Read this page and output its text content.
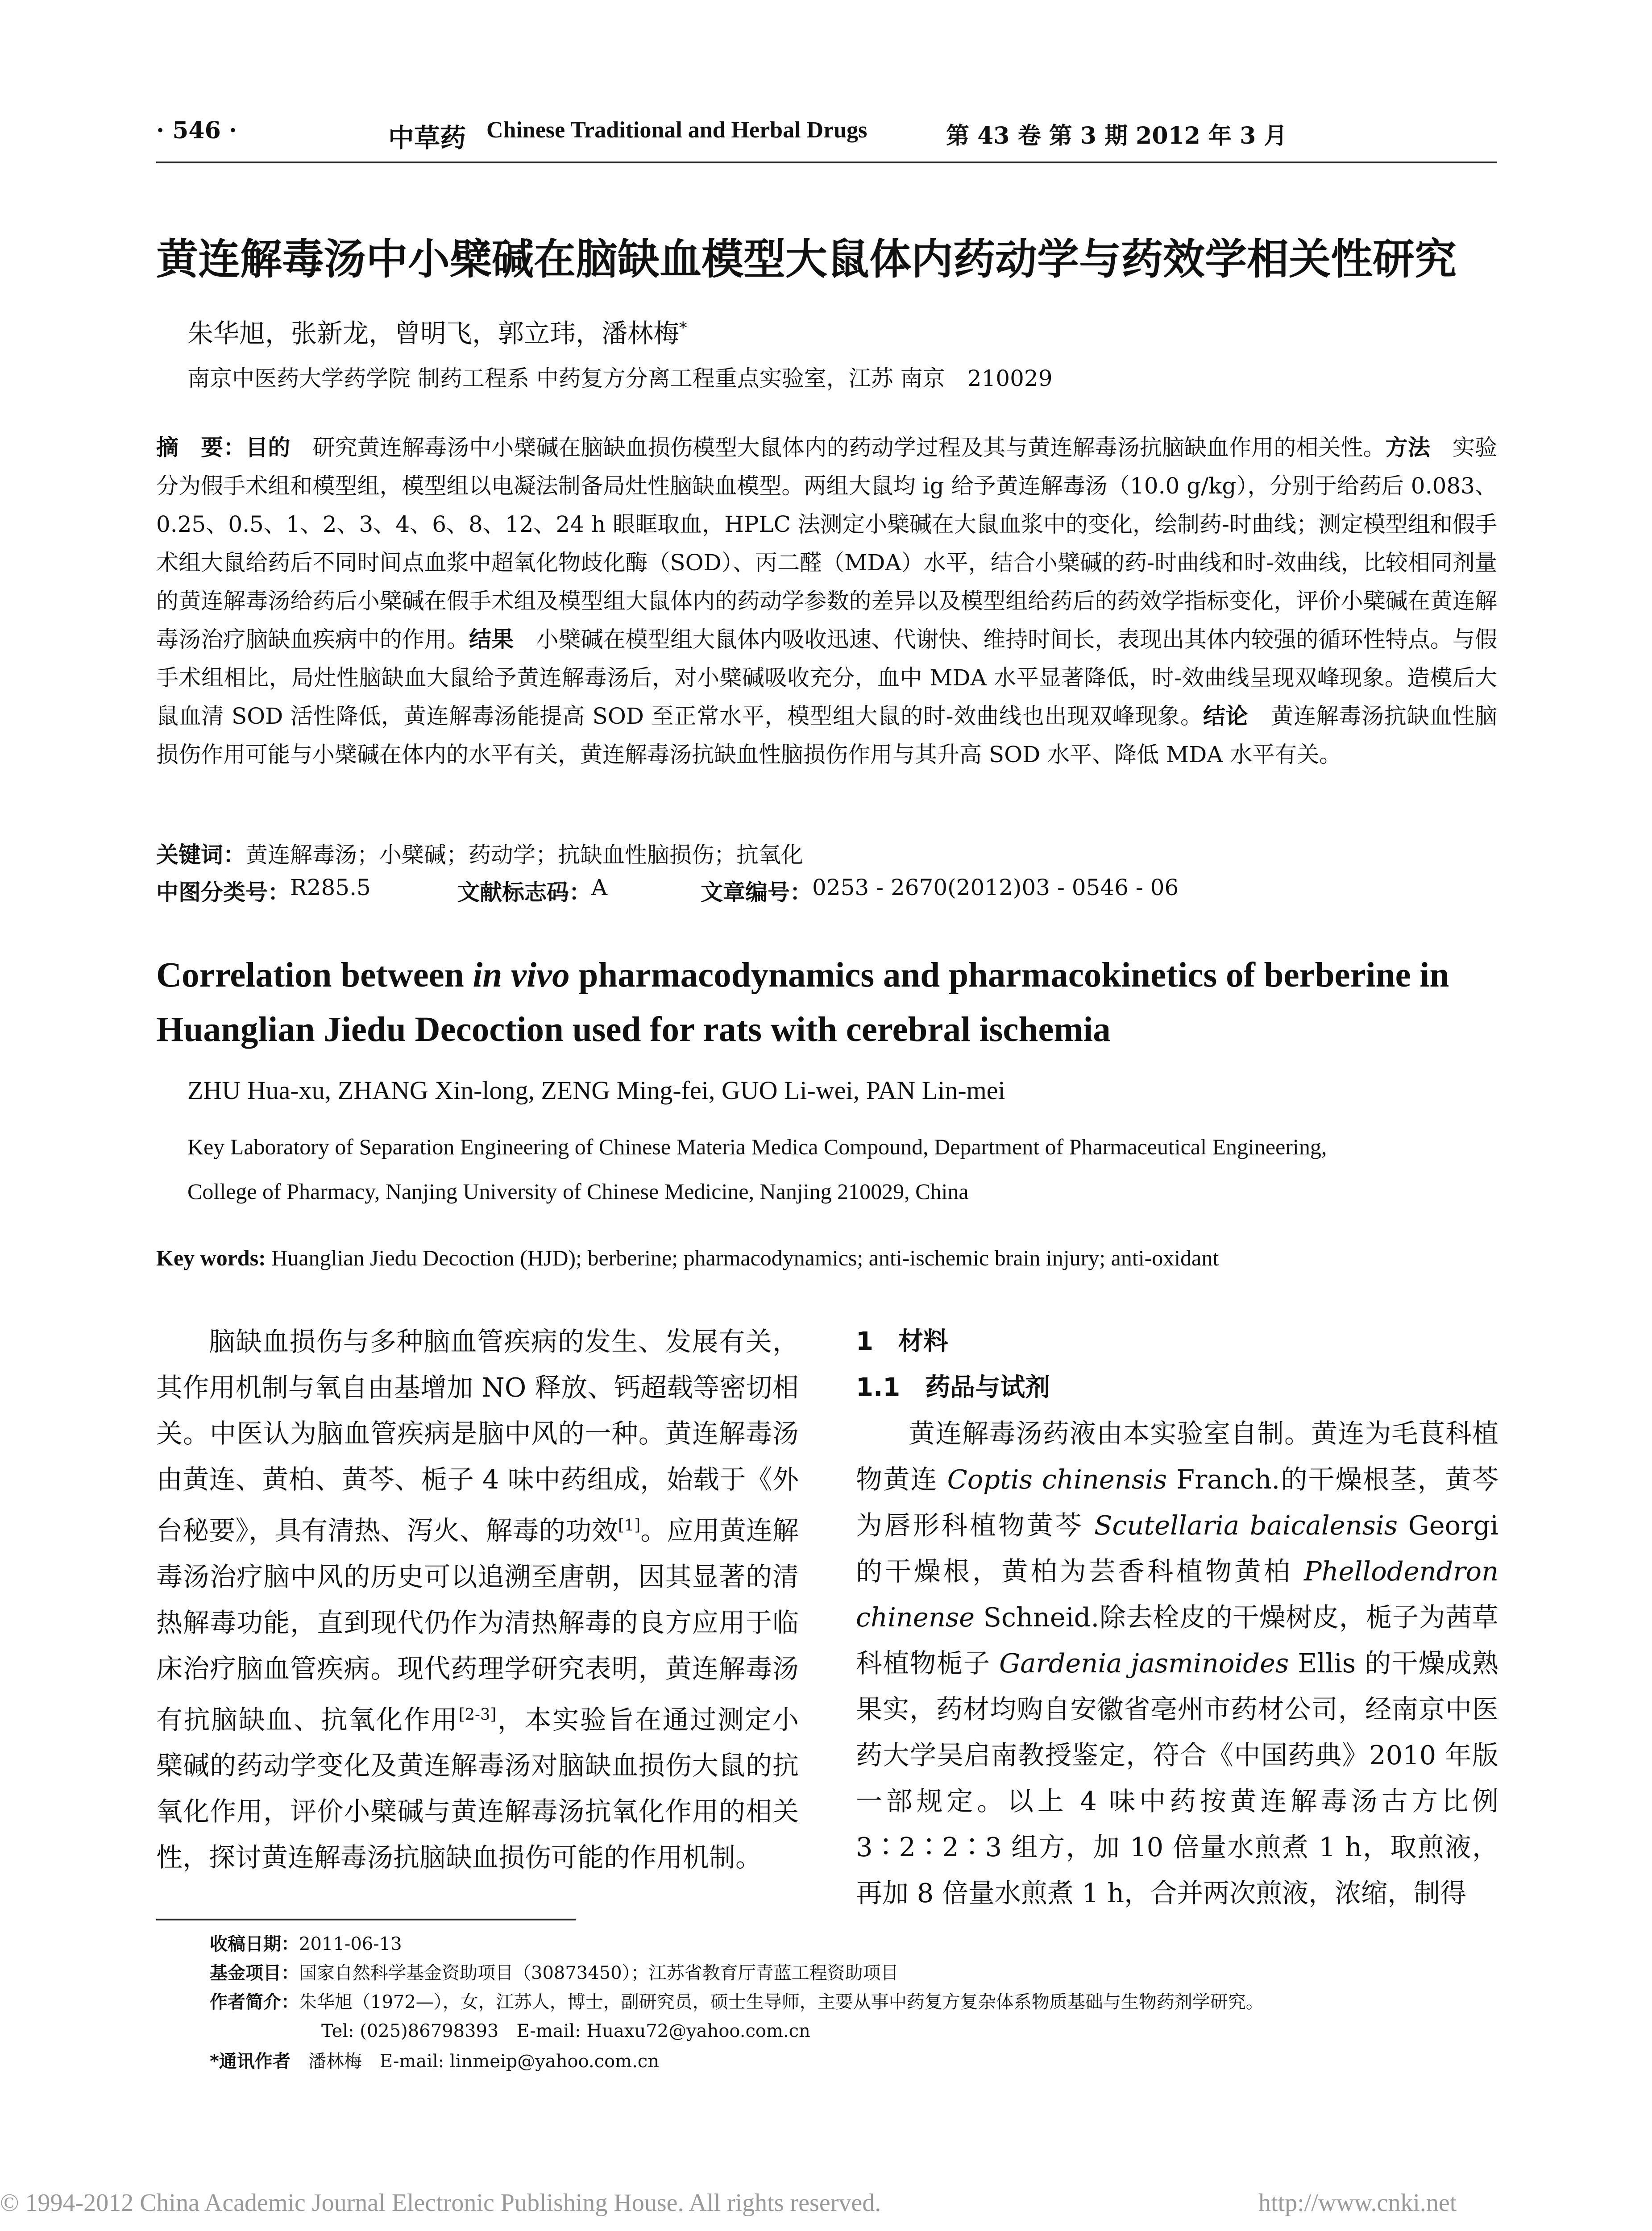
· 546 ·	中草药 Chinese Traditional and Herbal Drugs	第 43 卷 第 3 期 2012 年 3 月
黄连解毒汤中小檗碱在脑缺血模型大鼠体内药动学与药效学相关性研究
朱华旭，张新龙，曾明飞，郭立玮，潘林梅*
南京中医药大学药学院 制药工程系 中药复方分离工程重点实验室，江苏 南京　210029
摘　要：目的　研究黄连解毒汤中小檗碱在脑缺血损伤模型大鼠体内的药动学过程及其与黄连解毒汤抗脑缺血作用的相关性。方法　实验分为假手术组和模型组，模型组以电凝法制备局灶性脑缺血模型。两组大鼠均 ig 给予黄连解毒汤（10.0 g/kg），分别于给药后 0.083、0.25、0.5、1、2、3、4、6、8、12、24 h 眼眶取血，HPLC 法测定小檗碱在大鼠血浆中的变化，绘制药-时曲线；测定模型组和假手术组大鼠给药后不同时间点血浆中超氧化物歧化酶（SOD）、丙二醛（MDA）水平，结合小檗碱的药-时曲线和时-效曲线，比较相同剂量的黄连解毒汤给药后小檗碱在假手术组及模型组大鼠体内的药动学参数的差异以及模型组给药后的药效学指标变化，评价小檗碱在黄连解毒汤治疗脑缺血疾病中的作用。结果　小檗碱在模型组大鼠体内吸收迅速、代谢快、维持时间长，表现出其体内较强的循环性特点。与假手术组相比，局灶性脑缺血大鼠给予黄连解毒汤后，对小檗碱吸收充分，血中 MDA 水平显著降低，时-效曲线呈现双峰现象。造模后大鼠血清 SOD 活性降低，黄连解毒汤能提高 SOD 至正常水平，模型组大鼠的时-效曲线也出现双峰现象。结论　黄连解毒汤抗缺血性脑损伤作用可能与小檗碱在体内的水平有关，黄连解毒汤抗缺血性脑损伤作用与其升高 SOD 水平、降低 MDA 水平有关。
关键词：黄连解毒汤；小檗碱；药动学；抗缺血性脑损伤；抗氧化
中图分类号： R285.5	文献标志码： A	文章编号： 0253 - 2670(2012)03 - 0546 - 06
Correlation between in vivo pharmacodynamics and pharmacokinetics of berberine in Huanglian Jiedu Decoction used for rats with cerebral ischemia
ZHU Hua-xu, ZHANG Xin-long, ZENG Ming-fei, GUO Li-wei, PAN Lin-mei
Key Laboratory of Separation Engineering of Chinese Materia Medica Compound, Department of Pharmaceutical Engineering,
College of Pharmacy, Nanjing University of Chinese Medicine, Nanjing 210029, China
Key words: Huanglian Jiedu Decoction (HJD); berberine; pharmacodynamics; anti-ischemic brain injury; anti-oxidant

脑缺血损伤与多种脑血管疾病的发生、发展有关，其作用机制与氧自由基增加 NO 释放、钙超载等密切相关。中医认为脑血管疾病是脑中风的一种。黄连解毒汤由黄连、黄柏、黄芩、栀子 4 味中药组成，始载于《外台秘要》，具有清热、泻火、解毒的功效[1]。应用黄连解毒汤治疗脑中风的历史可以追溯至唐朝，因其显著的清热解毒功能，直到现代仍作为清热解毒的良方应用于临床治疗脑血管疾病。现代药理学研究表明，黄连解毒汤有抗脑缺血、抗氧化作用[2-3]，本实验旨在通过测定小檗碱的药动学变化及黄连解毒汤对脑缺血损伤大鼠的抗氧化作用，评价小檗碱与黄连解毒汤抗氧化作用的相关性，探讨黄连解毒汤抗脑缺血损伤可能的作用机制。

1　材料

1.1　药品与试剂

黄连解毒汤药液由本实验室自制。黄连为毛茛科植物黄连 Coptis chinensis Franch.的干燥根茎，黄芩为唇形科植物黄芩 Scutellaria baicalensis Georgi 的干燥根，黄柏为芸香科植物黄柏 Phellodendron chinense Schneid.除去栓皮的干燥树皮，栀子为茜草科植物栀子 Gardenia jasminoides Ellis 的干燥成熟果实，药材均购自安徽省亳州市药材公司，经南京中医药大学吴启南教授鉴定，符合《中国药典》2010 年版一部规定。以上 4 味中药按黄连解毒汤古方比例 3∶2∶2∶3 组方，加 10 倍量水煎煮 1 h，取煎液，再加 8 倍量水煎煮 1 h，合并两次煎液，浓缩，制得

收稿日期：2011-06-13
基金项目：国家自然科学基金资助项目（30873450）；江苏省教育厅青蓝工程资助项目
作者简介：朱华旭（1972—），女，江苏人，博士，副研究员，硕士生导师，主要从事中药复方复杂体系物质基础与生物药剂学研究。
Tel: (025)86798393　E-mail: Huaxu72@yahoo.com.cn
*通讯作者　潘林梅　E-mail: linmeip@yahoo.com.cn
© 1994-2012 China Academic Journal Electronic Publishing House. All rights reserved.	http://www.cnki.net
